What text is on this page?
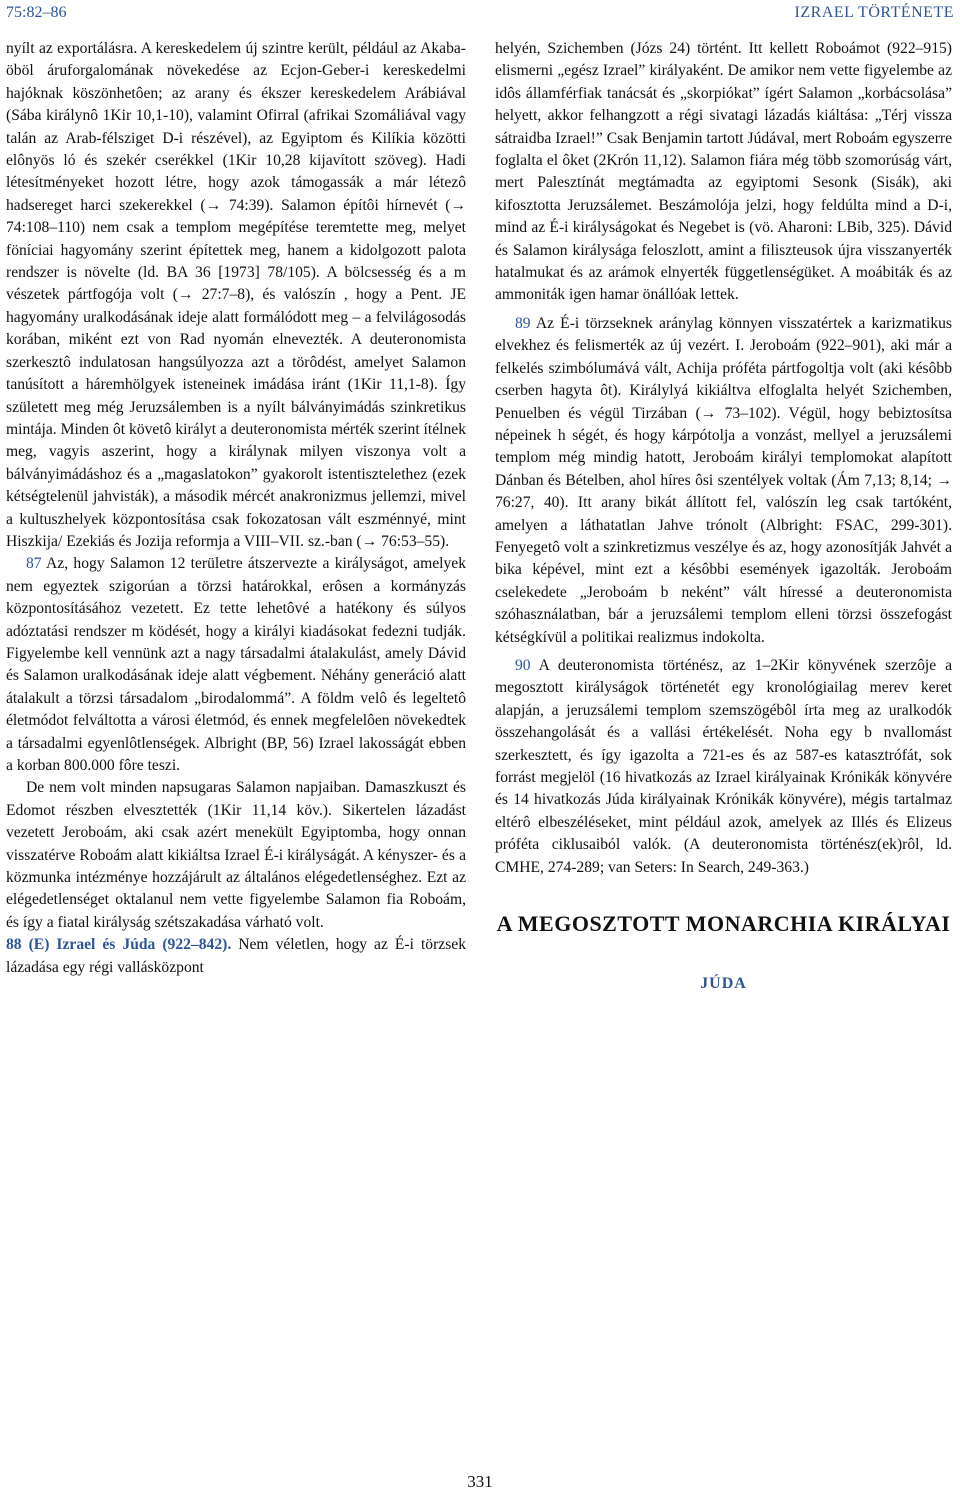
75:82–86	IZRAEL TÖRTÉNETE

nyílt az exportálásra. A kereskedelem új szintre került, például az Akaba-öböl áruforgalomának növekedése az Ecjon-Geber-i kereskedelmi hajóknak köszönhetôen; az arany és ékszer kereskedelem Arábiával (Sába királynô 1Kir 10,1-10), valamint Ofirral (afrikai Szomáliával vagy talán az Arab-félsziget D-i részével), az Egyiptom és Kilíkia közötti elônyös ló és szekér cserékkel (1Kir 10,28 kijavított szöveg). Hadi létesítményeket hozott létre, hogy azok támogassák a már létezô hadsereget harci szekerekkel (→ 74:39). Salamon építôi hírnevét (→ 74:108–110) nem csak a templom megépítése teremtette meg, melyet föníciai hagyomány szerint építettek meg, hanem a kidolgozott palota rendszer is növelte (ld. BA 36 [1973] 78/105). A bölcsesség és a m vészetek pártfogója volt (→ 27:7–8), és valószín , hogy a Pent. JE hagyomány uralkodásának ideje alatt formálódott meg – a felvilágosodás korában, miként ezt von Rad nyomán elnevezték. A deuteronomista szerkesztô indulatosan hangsúlyozza azt a törôdést, amelyet Salamon tanúsított a háremhölgyek isteneinek imádása iránt (1Kir 11,1-8). Így született meg még Jeruzsálemben is a nyílt bálványimádás szinkretikus mintája. Minden ôt követô királyt a deuteronomista mérték szerint ítélnek meg, vagyis aszerint, hogy a királynak milyen viszonya volt a bálványimádáshoz és a „magaslatokon” gyakorolt istentisztelethez (ezek kétségtelenül jahvisták), a második mércét anakronizmus jellemzi, mivel a kultuszhelyek központosítása csak fokozatosan vált eszménnyé, mint Hiszkija/ Ezekiás és Jozija reformja a VIII–VII. sz.-ban (→ 76:53–55).

87 Az, hogy Salamon 12 területre átszervezte a királyságot, amelyek nem egyeztek szigorúan a törzsi határokkal, erôsen a kormányzás központosításához vezetett. Ez tette lehetôvé a hatékony és súlyos adóztatási rendszer m ködését, hogy a királyi kiadásokat fedezni tudják. Figyelembe kell vennünk azt a nagy társadalmi átalakulást, amely Dávid és Salamon uralkodásának ideje alatt végbement. Néhány generáció alatt átalakult a törzsi társadalom „birodalommá”. A földm velô és legeltetô életmódot felváltotta a városi életmód, és ennek megfelelôen növekedtek a társadalmi egyenlôtlenségek. Albright (BP, 56) Izrael lakosságát ebben a korban 800.000 fôre teszi.

De nem volt minden napsugaras Salamon napjaiban. Damaszkuszt és Edomot részben elvesztették (1Kir 11,14 köv.). Sikertelen lázadást vezetett Jeroboám, aki csak azért menekült Egyiptomba, hogy onnan visszatérve Roboám alatt kikiáltsa Izrael É-i királyságát. A kényszer- és a közmunka intézménye hozzájárult az általános elégedetlenséghez. Ezt az elégedetlenséget oktalanul nem vette figyelembe Salamon fia Roboám, és így a fiatal királyság szétszakadása várható volt.

88 (E) Izrael és Júda (922–842). Nem véletlen, hogy az É-i törzsek lázadása egy régi vallásközpont

helyén, Szichemben (Józs 24) történt. Itt kellett Roboámot (922–915) elismerni „egész Izrael” királyaként. De amikor nem vette figyelembe az idôs államférfiak tanácsát és „skorpiókat” ígért Salamon „korbácsolása” helyett, akkor felhangzott a régi sivatagi lázadás kiáltása: „Térj vissza sátraidba Izrael!” Csak Benjamin tartott Júdával, mert Roboám egyszerre foglalta el ôket (2Krón 11,12). Salamon fiára még több szomorúság várt, mert Palesztínát megtámadta az egyiptomi Sesonk (Sisák), aki kifosztotta Jeruzsálemet. Beszámolója jelzi, hogy feldúlta mind a D-i, mind az É-i királyságokat és Negebet is (vö. Aharoni: LBib, 325). Dávid és Salamon királysága feloszlott, amint a filiszteusok újra visszanyerték hatalmukat és az arámok elnyerték függetlenségüket. A moábiták és az ammoniták igen hamar önállóak lettek.

89 Az É-i törzseknek aránylag könnyen visszatértek a karizmatikus elvekhez és felismerték az új vezért. I. Jeroboám (922–901), aki már a felkelés szimbólumává vált, Achija próféta pártfogoltja volt (aki késôbb cserben hagyta ôt). Királylyá kikiáltva elfoglalta helyét Szichemben, Penuelben és végül Tirzában (→ 73–102). Végül, hogy bebiztosítsa népeinek h ségét, és hogy kárpótolja a vonzást, mellyel a jeruzsálemi templom még mindig hatott, Jeroboám királyi templomokat alapított Dánban és Bételben, ahol híres ôsi szentélyek voltak (Ám 7,13; 8,14; → 76:27, 40). Itt arany bikát állított fel, valószín leg csak tartóként, amelyen a láthatatlan Jahve trónolt (Albright: FSAC, 299-301). Fenyegetô volt a szinkretizmus veszélye és az, hogy azonosítják Jahvét a bika képével, mint ezt a késôbbi események igazolták. Jeroboám cselekedete „Jeroboám b neként” vált híressé a deuteronomista szóhasználatban, bár a jeruzsálemi templom elleni törzsi összefogást kétségkívül a politikai realizmus indokolta.

90 A deuteronomista történész, az 1–2Kir könyvének szerzôje a megosztott királyságok történetét egy kronológiailag merev keret alapján, a jeruzsálemi templom szemszögébôl írta meg az uralkodók összehangolását és a vallási értékelését. Noha egy b nvallomást szerkesztett, és így igazolta a 721-es és az 587-es katasztrófát, sok forrást megjelöl (16 hivatkozás az Izrael királyainak Krónikák könyvére és 14 hivatkozás Júda királyainak Krónikák könyvére), mégis tartalmaz eltérô elbeszéléseket, mint például azok, amelyek az Illés és Elizeus próféta ciklusaiból valók. (A deuteronomista történész(ek)rôl, ld. CMHE, 274-289; van Seters: In Search, 249-363.)

A MEGOSZTOTT MONARCHIA KIRÁLYAI
JÚDA
331
